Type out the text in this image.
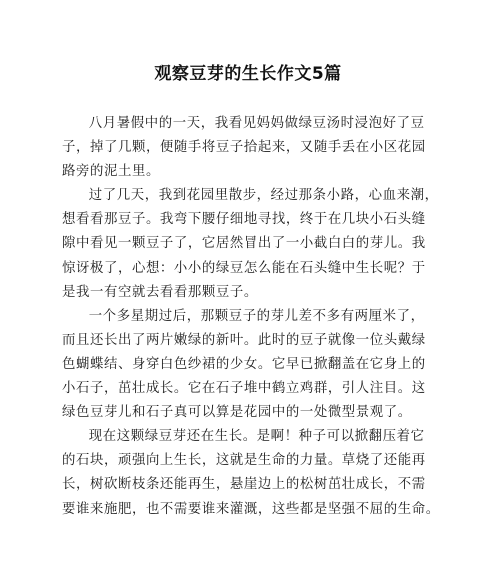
观察豆芽的生长作文5篇

八月暑假中的一天，我看见妈妈做绿豆汤时浸泡好了豆
子，掉了几颗，便随手将豆子拾起来，又随手丢在小区花园
路旁的泥土里。

过了几天，我到花园里散步，经过那条小路，心血来潮，
想看看那豆子。我弯下腰仔细地寻找，终于在几块小石头缝
隙中看见一颗豆子了，它居然冒出了一小截白白的芽儿。我
惊讶极了，心想：小小的绿豆怎么能在石头缝中生长呢？于
是我一有空就去看看那颗豆子。

一个多星期过后，那颗豆子的芽儿差不多有两厘米了，
而且还长出了两片嫩绿的新叶。此时的豆子就像一位头戴绿
色蝴蝶结、身穿白色纱裙的少女。它早已掀翻盖在它身上的
小石子，茁壮成长。它在石子堆中鹤立鸡群，引人注目。这
绿色豆芽儿和石子真可以算是花园中的一处微型景观了。

现在这颗绿豆芽还在生长。是啊！种子可以掀翻压着它
的石块，顽强向上生长，这就是生命的力量。草烧了还能再
长，树砍断枝条还能再生，悬崖边上的松树茁壮成长，不需
要谁来施肥，也不需要谁来灌溉，这些都是坚强不屈的生命。
